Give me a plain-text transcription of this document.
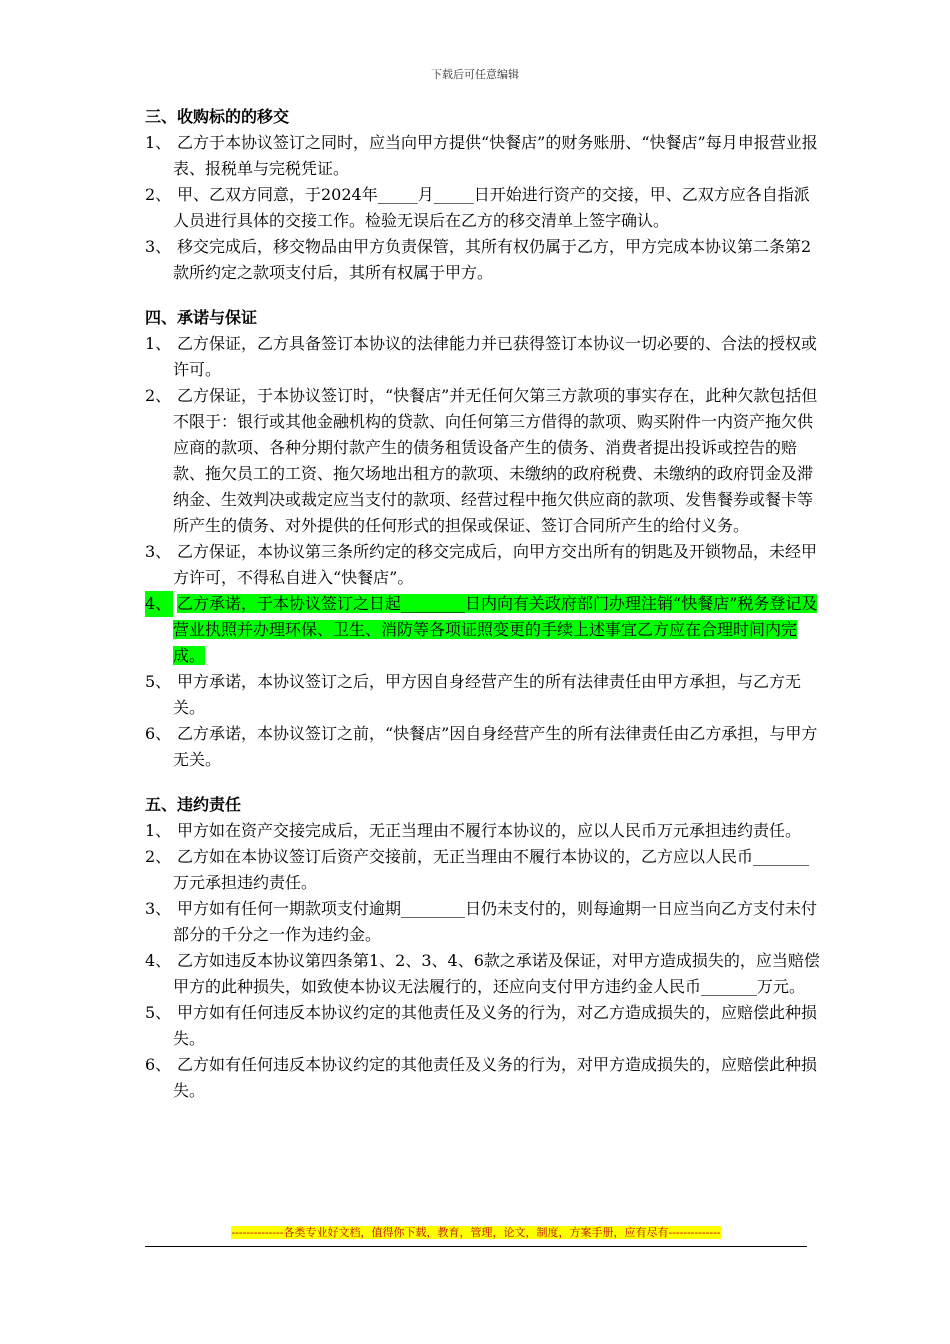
下载后可任意编辑
三、收购标的的移交
1、 乙方于本协议签订之同时，应当向甲方提供“快餐店”的财务账册、“快餐店”每月申报营业报表、报税单与完税凭证。
2、 甲、乙双方同意，于2024年_____月_____日开始进行资产的交接，甲、乙双方应各自指派人员进行具体的交接工作。检验无误后在乙方的移交清单上签字确认。
3、 移交完成后，移交物品由甲方负责保管，其所有权仍属于乙方，甲方完成本协议第二条第2款所约定之款项支付后，其所有权属于甲方。
四、承诺与保证
1、 乙方保证，乙方具备签订本协议的法律能力并已获得签订本协议一切必要的、合法的授权或许可。
2、 乙方保证，于本协议签订时，“快餐店”并无任何欠第三方款项的事实存在，此种欠款包括但不限于：银行或其他金融机构的贷款、向任何第三方借得的款项、购买附件一内资产拖欠供应商的款项、各种分期付款产生的债务租赁设备产生的债务、消费者提出投诉或控告的赔款、拖欠员工的工资、拖欠场地出租方的款项、未缴纳的政府税费、未缴纳的政府罚金及滞纳金、生效判决或裁定应当支付的款项、经营过程中拖欠供应商的款项、发售餐券或餐卡等所产生的债务、对外提供的任何形式的担保或保证、签订合同所产生的给付义务。
3、 乙方保证，本协议第三条所约定的移交完成后，向甲方交出所有的钥匙及开锁物品，未经甲方许可，不得私自进入“快餐店”。
4、 乙方承诺，于本协议签订之日起________日内向有关政府部门办理注销“快餐店”税务登记及营业执照并办理环保、卫生、消防等各项证照变更的手续上述事宜乙方应在合理时间内完成。
5、 甲方承诺，本协议签订之后，甲方因自身经营产生的所有法律责任由甲方承担，与乙方无关。
6、 乙方承诺，本协议签订之前，“快餐店”因自身经营产生的所有法律责任由乙方承担，与甲方无关。
五、违约责任
1、 甲方如在资产交接完成后，无正当理由不履行本协议的，应以人民币万元承担违约责任。
2、 乙方如在本协议签订后资产交接前，无正当理由不履行本协议的，乙方应以人民币_______万元承担违约责任。
3、 甲方如有任何一期款项支付逾期________日仍未支付的，则每逾期一日应当向乙方支付未付部分的千分之一作为违约金。
4、 乙方如违反本协议第四条第1、2、3、4、6款之承诺及保证，对甲方造成损失的，应当赔偿甲方的此种损失，如致使本协议无法履行的，还应向支付甲方违约金人民币_______万元。
5、 甲方如有任何违反本协议约定的其他责任及义务的行为，对乙方造成损失的，应赔偿此种损失。
6、 乙方如有任何违反本协议约定的其他责任及义务的行为，对甲方造成损失的，应赔偿此种损失。
--------------各类专业好文档，值得你下载，教育，管理，论文，制度，方案手册，应有尽有--------------
